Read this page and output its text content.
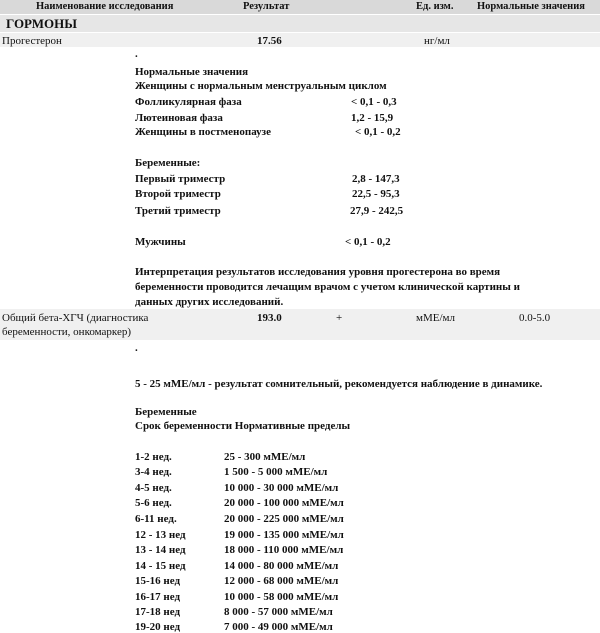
Наименование исследования	Результат	Ед. изм. Нормальные значения
ГОРМОНЫ
Прогестерон	17.56	нг/мл
.
Нормальные значения
Женщины с нормальным менструальным циклом
Фолликулярная фаза	< 0,1 - 0,3
Лютеиновая фаза	1,2 - 15,9
Женщины в постменопаузе	< 0,1 - 0,2
Беременные:
Первый триместр	2,8 - 147,3
Второй триместр	22,5 - 95,3
Третий триместр	27,9 - 242,5
Мужчины	< 0,1 - 0,2
Интерпретация результатов исследования уровня прогестерона во время
беременности проводится лечащим врачом с учетом клинической картины и
данных других исследований.
Общий бета-ХГЧ (диагностика
беременности, онкомаркер)
193.0	+	мМЕ/мл	0.0-5.0
.
5 - 25 мМЕ/мл - результат сомнительный, рекомендуется наблюдение в динамике.
Беременные
Срок беременности Нормативные пределы
1-2 нед.	25 - 300 мМЕ/мл
3-4 нед.	1 500 - 5 000 мМЕ/мл
4-5 нед.	10 000 - 30 000 мМЕ/мл
5-6 нед.	20 000 - 100 000 мМЕ/мл
6-11 нед.	20 000 - 225 000 мМЕ/мл
12 - 13 нед	19 000 - 135 000 мМЕ/мл
13 - 14 нед	18 000 - 110 000 мМЕ/мл
14 - 15 нед	14 000 - 80 000 мМЕ/мл
15-16 нед	12 000 - 68 000 мМЕ/мл
16-17 нед	10 000 - 58 000 мМЕ/мл
17-18 нед	8 000 - 57 000 мМЕ/мл
19-20 нед	7 000 - 49 000 мМЕ/мл
